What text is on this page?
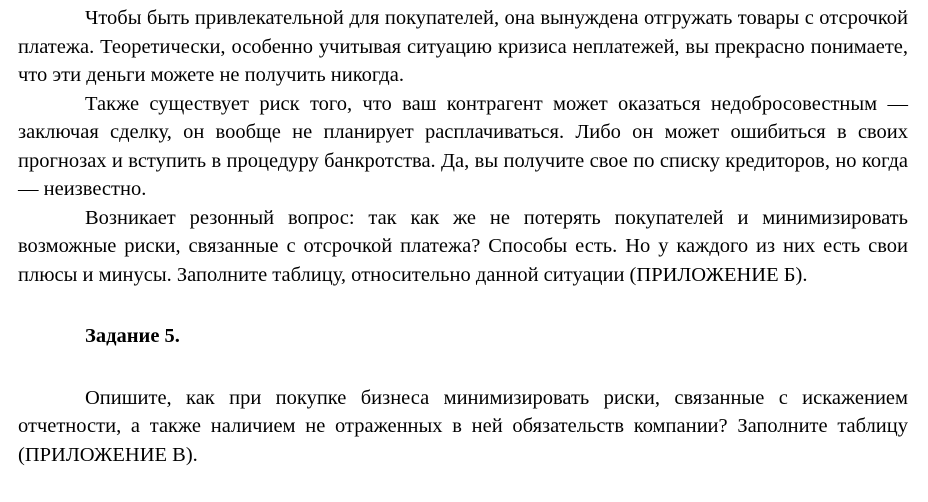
Чтобы быть привлекательной для покупателей, она вынуждена отгружать товары с отсрочкой платежа. Теоретически, особенно учитывая ситуацию кризиса неплатежей, вы прекрасно понимаете, что эти деньги можете не получить никогда.

Также существует риск того, что ваш контрагент может оказаться недобросовестным — заключая сделку, он вообще не планирует расплачиваться. Либо он может ошибиться в своих прогнозах и вступить в процедуру банкротства. Да, вы получите свое по списку кредиторов, но когда — неизвестно.

Возникает резонный вопрос: так как же не потерять покупателей и минимизировать возможные риски, связанные с отсрочкой платежа? Способы есть. Но у каждого из них есть свои плюсы и минусы. Заполните таблицу, относительно данной ситуации (ПРИЛОЖЕНИЕ Б).

Задание 5.

Опишите, как при покупке бизнеса минимизировать риски, связанные с искажением отчетности, а также наличием не отраженных в ней обязательств компании? Заполните таблицу (ПРИЛОЖЕНИЕ В).
